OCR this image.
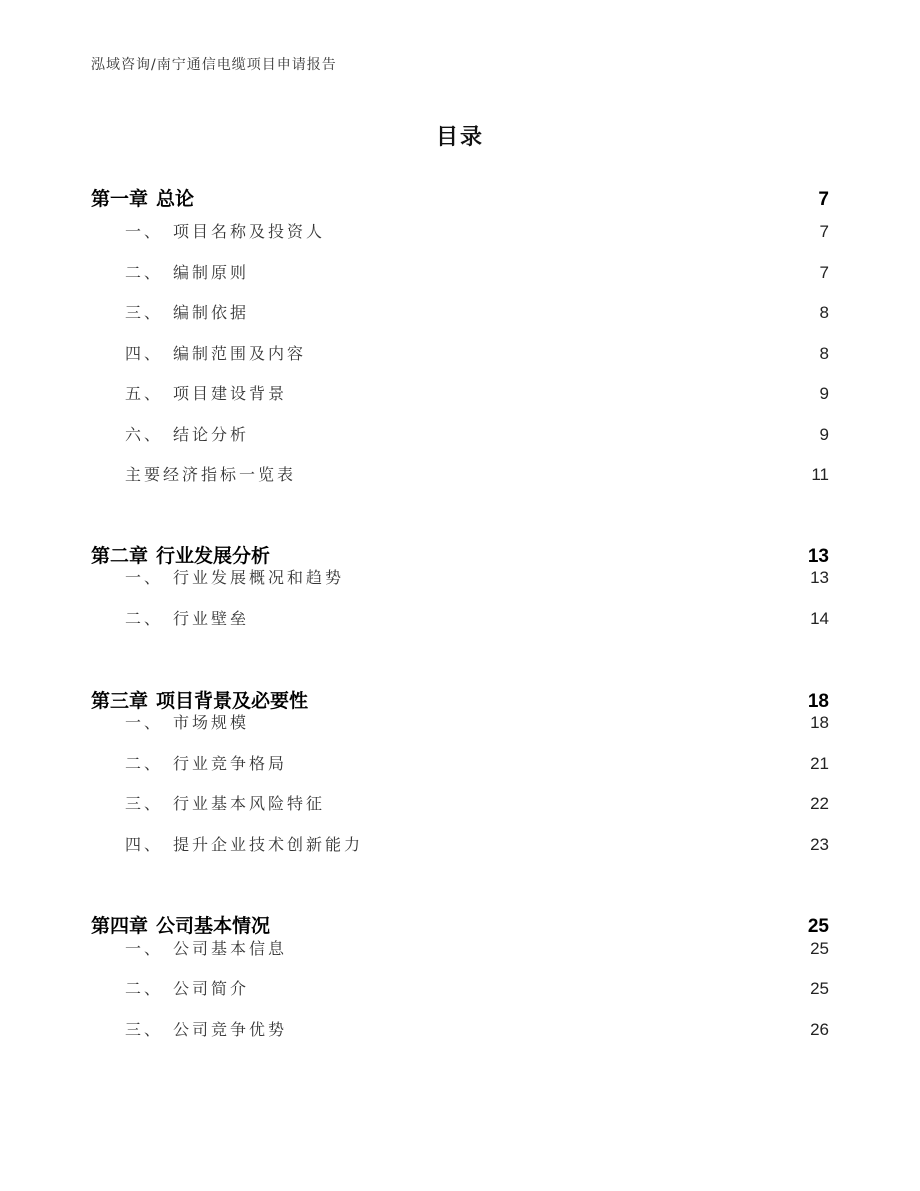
泓域咨询/南宁通信电缆项目申请报告
目录
第一章 总论	7
一、 项目名称及投资人	7
二、 编制原则	7
三、 编制依据	8
四、 编制范围及内容	8
五、 项目建设背景	9
六、 结论分析	9
主要经济指标一览表	11
第二章 行业发展分析	13
一、 行业发展概况和趋势	13
二、 行业壁垒	14
第三章 项目背景及必要性	18
一、 市场规模	18
二、 行业竞争格局	21
三、 行业基本风险特征	22
四、 提升企业技术创新能力	23
第四章 公司基本情况	25
一、 公司基本信息	25
二、 公司简介	25
三、 公司竞争优势	26
